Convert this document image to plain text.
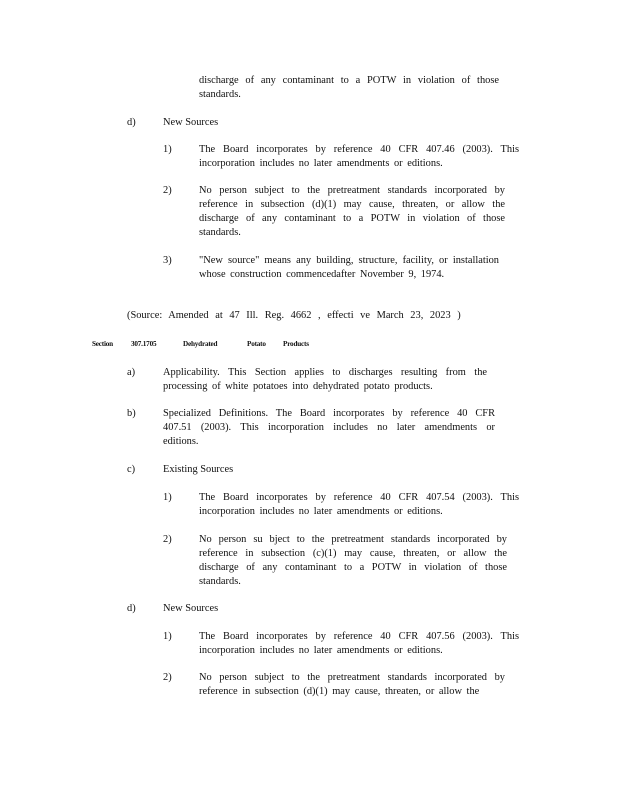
discharge of any contaminant to a POTW in violation of those standards.
d)	New Sources
1)	The Board incorporates by reference 40 CFR 407.46 (2003). This incorporation includes no later amendments or editions.
2)	No person subject to the pretreatment standards incorporated by reference in subsection (d)(1) may cause, threaten, or allow the discharge of any contaminant to a POTW in violation of those standards.
3)	"New source" means any building, structure, facility, or installation whose construction commencedafter November 9, 1974.
(Source: Amended at 47 Ill. Reg. 4662 , effecti ve March 23, 2023 )
Section	307.1705	Dehydrated	Potato Products
a)	Applicability. This Section applies to discharges resulting from the processing of white potatoes into dehydrated potato products.
b)	Specialized Definitions. The Board incorporates by reference 40 CFR 407.51 (2003). This incorporation includes no later amendments or editions.
c)	Existing Sources
1)	The Board incorporates by reference 40 CFR 407.54 (2003). This incorporation includes no later amendments or editions.
2)	No person su bject to the pretreatment standards incorporated by reference in subsection (c)(1) may cause, threaten, or allow the discharge of any contaminant to a POTW in violation of those standards.
d)	New Sources
1)	The Board incorporates by reference 40 CFR 407.56 (2003). This incorporation includes no later amendments or editions.
2)	No person subject to the pretreatment standards incorporated by reference in subsection (d)(1) may cause, threaten, or allow the
